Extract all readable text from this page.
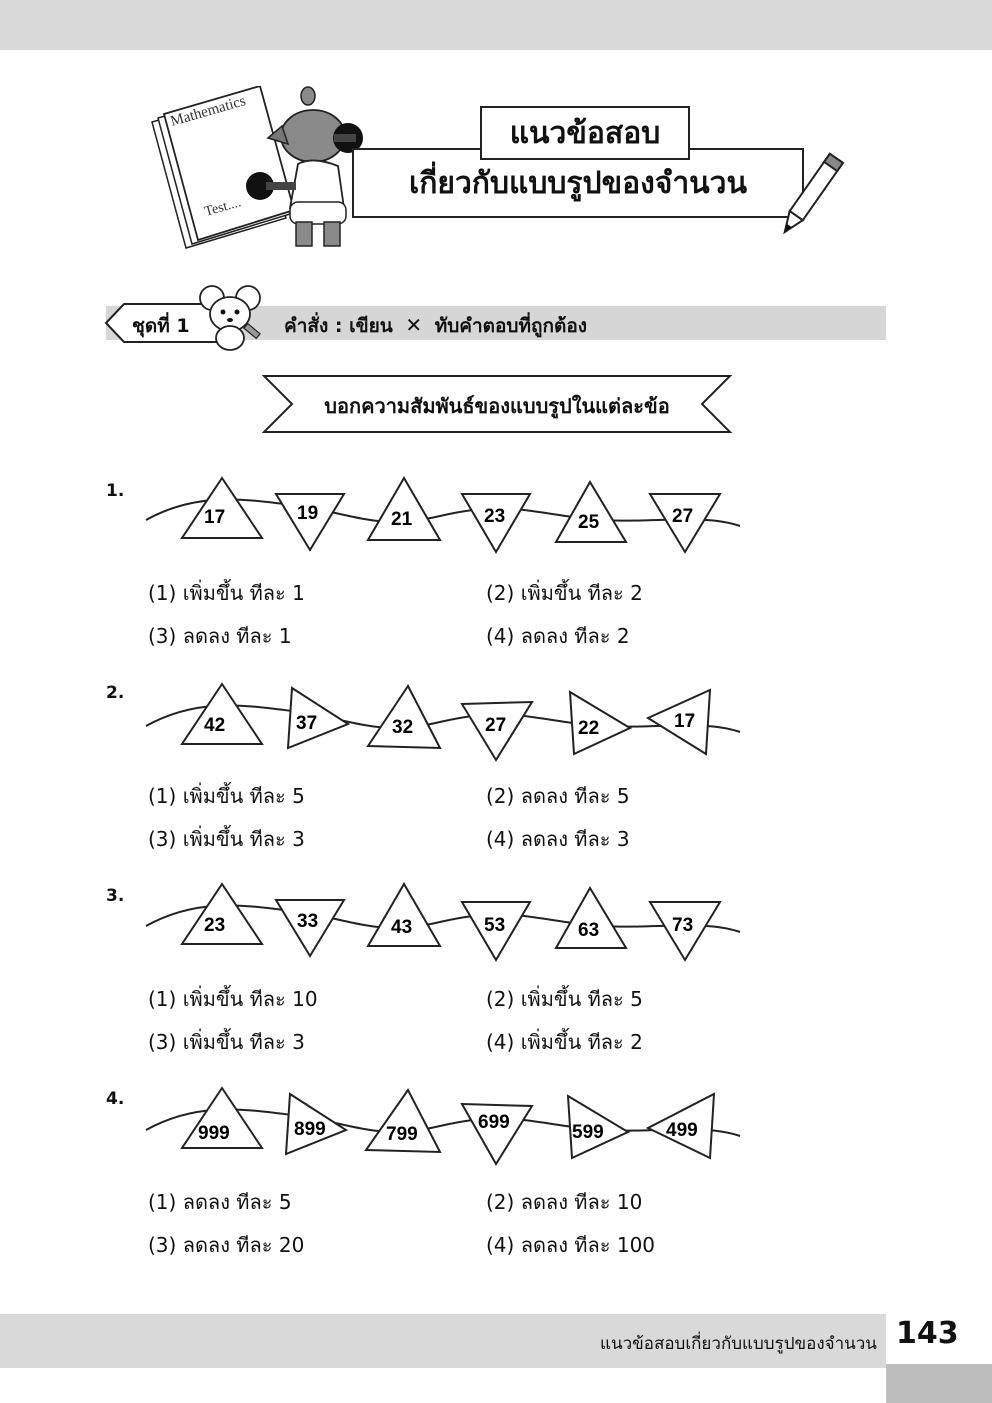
Mathematics
Test....
เกี่ยวกับแบบรูปของจำนวน
แนวข้อสอบ
ชุดที่ 1	คำสั่ง : เขียน ✕ ทับคำตอบที่ถูกต้อง
บอกความสัมพันธ์ของแบบรูปในแต่ละข้อ
1.
17	19	21	23	25	27
(1) เพิ่มขึ้น ทีละ 1	(2) เพิ่มขึ้น ทีละ 2
(3) ลดลง ทีละ 1	(4) ลดลง ทีละ 2
2.
42	37	32	27	22	17
(1) เพิ่มขึ้น ทีละ 5	(2) ลดลง ทีละ 5
(3) เพิ่มขึ้น ทีละ 3	(4) ลดลง ทีละ 3
3.
23	33	43	53	63	73
(1) เพิ่มขึ้น ทีละ 10	(2) เพิ่มขึ้น ทีละ 5
(3) เพิ่มขึ้น ทีละ 3	(4) เพิ่มขึ้น ทีละ 2
4.
999	899	799
699	599	499
(1) ลดลง ทีละ 5	(2) ลดลง ทีละ 10
(3) ลดลง ทีละ 20	(4) ลดลง ทีละ 100
แนวข้อสอบเกี่ยวกับแบบรูปของจำนวน 143
